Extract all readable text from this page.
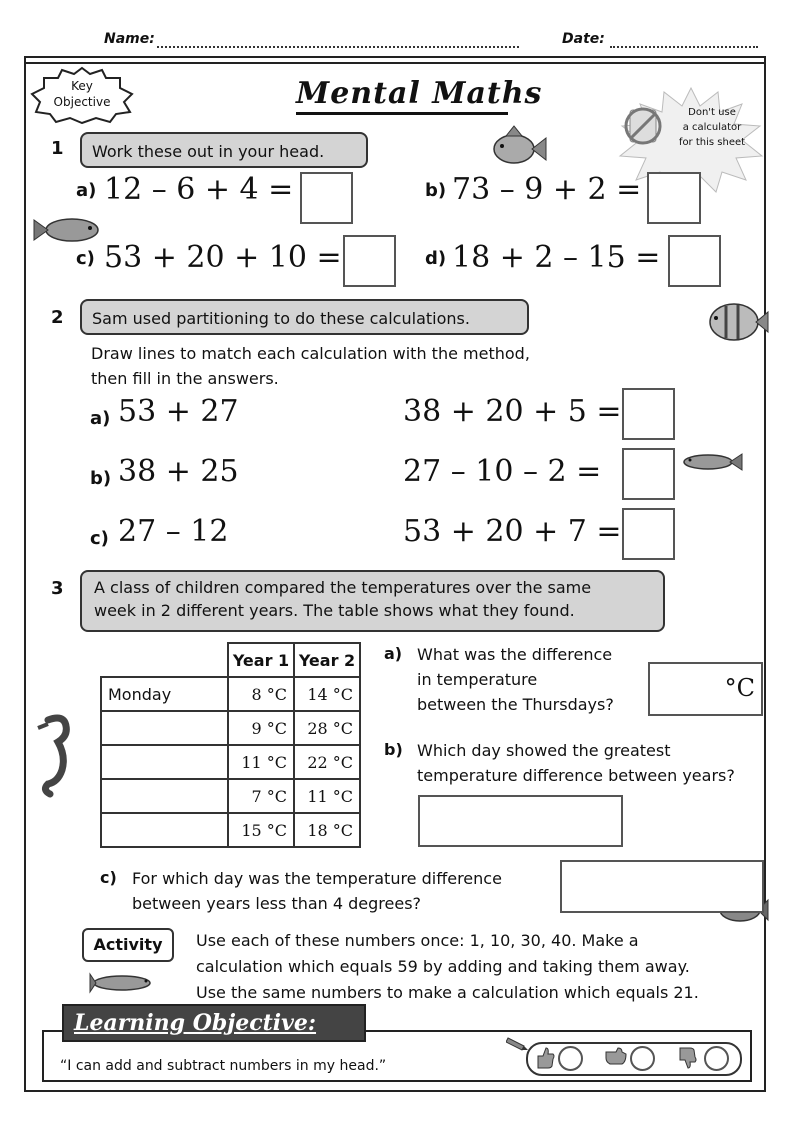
Name:	Date:
Key
Objective	Mental Maths
Don't use
a calculator
for this sheet
1	Work these out in your head.
a) 12 – 6 + 4 =	b) 73 – 9 + 2 =
c) 53 + 20 + 10 =	d) 18 + 2 – 15 =
2	Sam used partitioning to do these calculations.
Draw lines to match each calculation with the method,
then fill in the answers.
a) 53 + 27
b) 38 + 25
c) 27 – 12
38 + 20 + 5 =
27 – 10 – 2 =
53 + 20 + 7 =
3	A class of children compared the temperatures over the same
week in 2 different years. The table shows what they found.
	Year 1	Year 2
Monday	8 °C	14 °C
	9 °C	28 °C
	11 °C	22 °C
	7 °C	11 °C
	15 °C	18 °C
a) What was the difference
in temperature
between the Thursdays?
°C
b) Which day showed the greatest
temperature difference between years?
c) For which day was the temperature difference
between years less than 4 degrees?
Activity	Use each of these numbers once: 1, 10, 30, 40. Make a
calculation which equals 59 by adding and taking them away.
Use the same numbers to make a calculation which equals 21.
Learning Objective:
“I can add and subtract numbers in my head.”
